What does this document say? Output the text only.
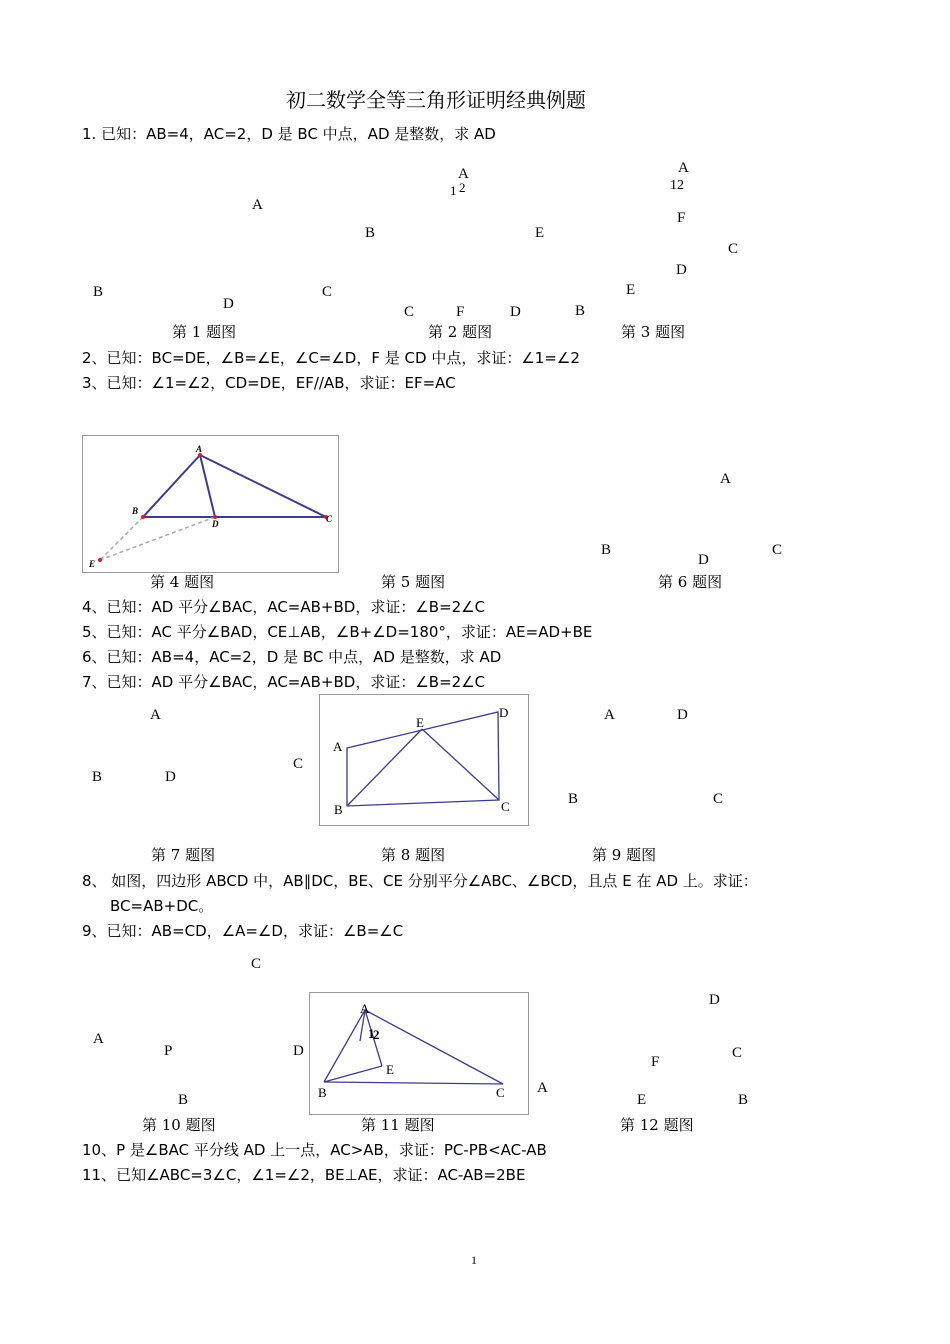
初二数学全等三角形证明经典例题
1. 已知：AB=4，AC=2，D 是 BC 中点，AD 是整数，求 AD
A
B
D
C
A
1 2
B	E
C	F	D
A
12
F
C
D
E
B
第 1 题图	第 2 题图	第 3 题图
2、已知：BC=DE，∠B=∠E，∠C=∠D，F 是 CD 中点，求证：∠1=∠2
3、已知：∠1=∠2，CD=DE，EF//AB，求证：EF=AC
A
B
D	C
E
A
B
D
C
第 4 题图	第 5 题图	第 6 题图
4、已知：AD 平分∠BAC，AC=AB+BD，求证：∠B=2∠C
5、已知：AC 平分∠BAD，CE⊥AB，∠B+∠D=180°，求证：AE=AD+BE
6、已知：AB=4，AC=2，D 是 BC 中点，AD 是整数，求 AD
7、已知：AD 平分∠BAC，AC=AB+BD，求证：∠B=2∠C
A
B	D
C
A
E
D
B	C
A	D
B	C
第 7 题图	第 8 题图	第 9 题图
8、 如图，四边形 ABCD 中，AB∥DC，BE、CE 分别平分∠ABC、∠BCD，且点 E 在 AD 上。求证：
BC=AB+DC。
9、已知：AB=CD，∠A=∠D，求证：∠B=∠C
C
A
P	D
B
A
1
2
E
B	C
D
F
C
A
E	B
第 10 题图	第 11 题图	第 12 题图
10、P 是∠BAC 平分线 AD 上一点，AC>AB，求证：PC-PB<AC-AB
11、已知∠ABC=3∠C，∠1=∠2，BE⊥AE，求证：AC-AB=2BE
1
